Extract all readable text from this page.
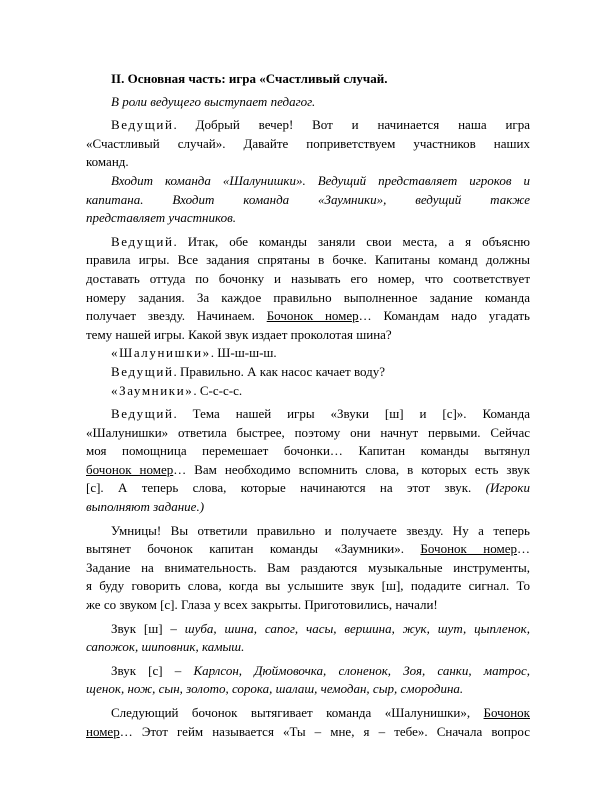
II. Основная часть: игра «Счастливый случай.
В роли ведущего выступает педагог.
Ведущий. Добрый вечер! Вот и начинается наша игра
«Счастливый случай». Давайте поприветствуем участников наших
команд.
Входит команда «Шалунишки». Ведущий представляет игроков и
капитана. Входит команда «Заумники», ведущий также
представляет участников.
Ведущий. Итак, обе команды заняли свои места, а я объясню
правила игры. Все задания спрятаны в бочке. Капитаны команд должны
доставать оттуда по бочонку и называть его номер, что соответствует
номеру задания. За каждое правильно выполненное задание команда
получает звезду. Начинаем. Бочонок номер… Командам надо угадать
тему нашей игры. Какой звук издает проколотая шина?
«Шалунишки». Ш-ш-ш-ш.
Ведущий. Правильно. А как насос качает воду?
«Заумники». С-с-с-с.
Ведущий. Тема нашей игры «Звуки [ш] и [с]». Команда
«Шалунишки» ответила быстрее, поэтому они начнут первыми. Сейчас
моя помощница перемешает бочонки… Капитан команды вытянул
бочонок номер… Вам необходимо вспомнить слова, в которых есть звук
[с]. А теперь слова, которые начинаются на этот звук. (Игроки
выполняют задание.)
Умницы! Вы ответили правильно и получаете звезду. Ну а теперь
вытянет бочонок капитан команды «Заумники». Бочонок номер…
Задание на внимательность. Вам раздаются музыкальные инструменты,
я буду говорить слова, когда вы услышите звук [ш], подадите сигнал. То
же со звуком [с]. Глаза у всех закрыты. Приготовились, начали!
Звук [ш] – шуба, шина, сапог, часы, вершина, жук, шут, цыпленок,
сапожок, шиповник, камыш.
Звук [с] – Карлсон, Дюймовочка, слоненок, Зоя, санки, матрос,
щенок, нож, сын, золото, сорока, шалаш, чемодан, сыр, смородина.
Следующий бочонок вытягивает команда «Шалунишки», Бочонок
номер… Этот гейм называется «Ты – мне, я – тебе». Сначала вопрос
